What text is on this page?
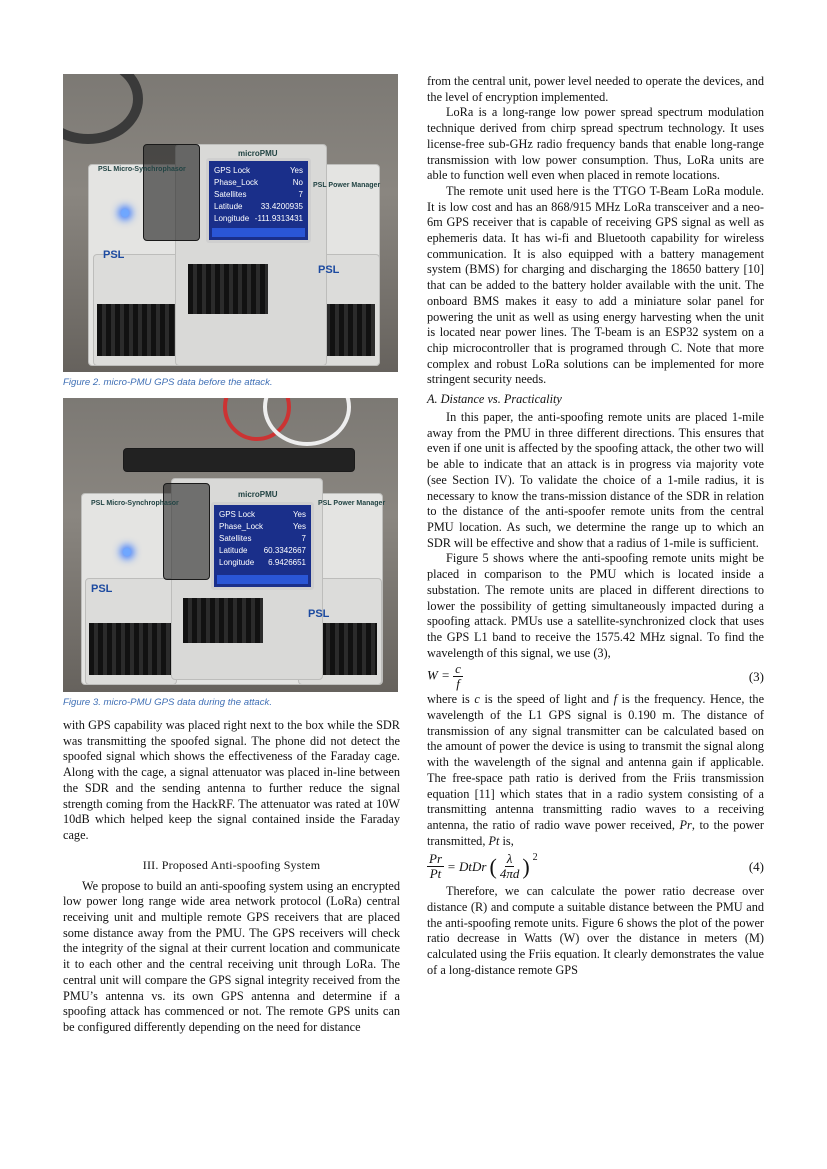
PSL Micro-Synchrophasor
PSL Power Manager
microPMU
PSL
PSL
GPS Lock	Yes
Phase_Lock	No
Satellites	7
Latitude 33.4200935
Longitude -111.9313431
Figure 2. micro-PMU GPS data before the attack.
PSL Micro-Synchrophasor	PSL Power Manager
microPMU
PSL
PSL
GPS Lock	Yes
Phase_Lock	Yes
Satellites	7
Latitude 60.3342667
Longitude 6.9426651
Figure 3. micro-PMU GPS data during the attack.

with GPS capability was placed right next to the box while the SDR was transmitting the spoofed signal. The phone did not detect the spoofed signal which shows the effectiveness of the Faraday cage. Along with the cage, a signal attenuator was placed in-line between the SDR and the sending antenna to further reduce the signal strength coming from the HackRF. The attenuator was rated at 10W 10dB which helped keep the signal contained inside the Faraday cage.

III. Proposed Anti-spoofing System

We propose to build an anti-spoofing system using an encrypted low power long range wide area network protocol (LoRa) central receiving unit and multiple remote GPS receivers that are placed some distance away from the PMU. The GPS receivers will check the integrity of the signal at their current location and communicate it to each other and the central receiving unit through LoRa. The central unit will compare the GPS signal integrity received from the PMU’s antenna vs. its own GPS antenna and determine if a spoofing attack has commenced or not. The remote GPS units can be configured differently depending on the need for distance

from the central unit, power level needed to operate the devices, and the level of encryption implemented.

LoRa is a long-range low power spread spectrum modulation technique derived from chirp spread spectrum technology. It uses license-free sub-GHz radio frequency bands that enable long-range transmission with low power consumption. Thus, LoRa units are able to function well even when placed in remote locations.

The remote unit used here is the TTGO T-Beam LoRa module. It is low cost and has an 868/915 MHz LoRa transceiver and a neo-6m GPS receiver that is capable of receiving GPS signal as well as ephemeris data. It has wi-fi and Bluetooth capability for wireless communication. It is also equipped with a battery management system (BMS) for charging and discharging the 18650 battery [10] that can be added to the battery holder available with the unit. The onboard BMS makes it easy to add a miniature solar panel for powering the unit as well as using energy harvesting when the unit is located near power lines. The T-beam is an ESP32 system on a chip microcontroller that is programed through C. Note that more complex and robust LoRa solutions can be implemented for more stringent security needs.

A. Distance vs. Practicality

In this paper, the anti-spoofing remote units are placed 1-mile away from the PMU in three different directions. This ensures that even if one unit is affected by the spoofing attack, the other two will be able to indicate that an attack is in progress via majority vote (see Section IV). To validate the choice of a 1-mile radius, it is necessary to know the trans-mission distance of the SDR in relation to the distance of the anti-spoofer remote units from the central PMU location. As such, we determine the range up to which an SDR will be effective and show that a radius of 1-mile is sufficient.

Figure 5 shows where the anti-spoofing remote units might be placed in comparison to the PMU which is located inside a substation. The remote units are placed in different directions to lower the possibility of getting simultaneously impacted during a spoofing attack. PMUs use a satellite-synchronized clock that uses the GPS L1 band to receive the 1575.42 MHz signal. To find the wavelength of this signal, we use (3),

$W = \frac{c}{f}$	(3)

where is c is the speed of light and f is the frequency. Hence, the wavelength of the L1 GPS signal is 0.190 m. The distance of transmission of any signal transmitter can be calculated based on the amount of power the device is using to transmit the signal along with the wavelength of the signal and antenna gain if applicable. The free-space path ratio is derived from the Friis transmission equation [11] which states that in a radio system consisting of a transmitting antenna transmitting radio waves to a receiving antenna, the ratio of radio wave power received, Pr, to the power transmitted, Pt is,

$\frac{Pr}{Pt}$ = DtDr ( $\frac{\lambda}{4\pi d}$ ) $^2$
(4)

Therefore, we can calculate the power ratio decrease over distance (R) and compute a suitable distance between the PMU and the anti-spoofing remote units. Figure 6 shows the plot of the power ratio decrease in Watts (W) over the distance in meters (M) calculated using the Friis equation. It clearly demonstrates the value of a long-distance remote GPS
